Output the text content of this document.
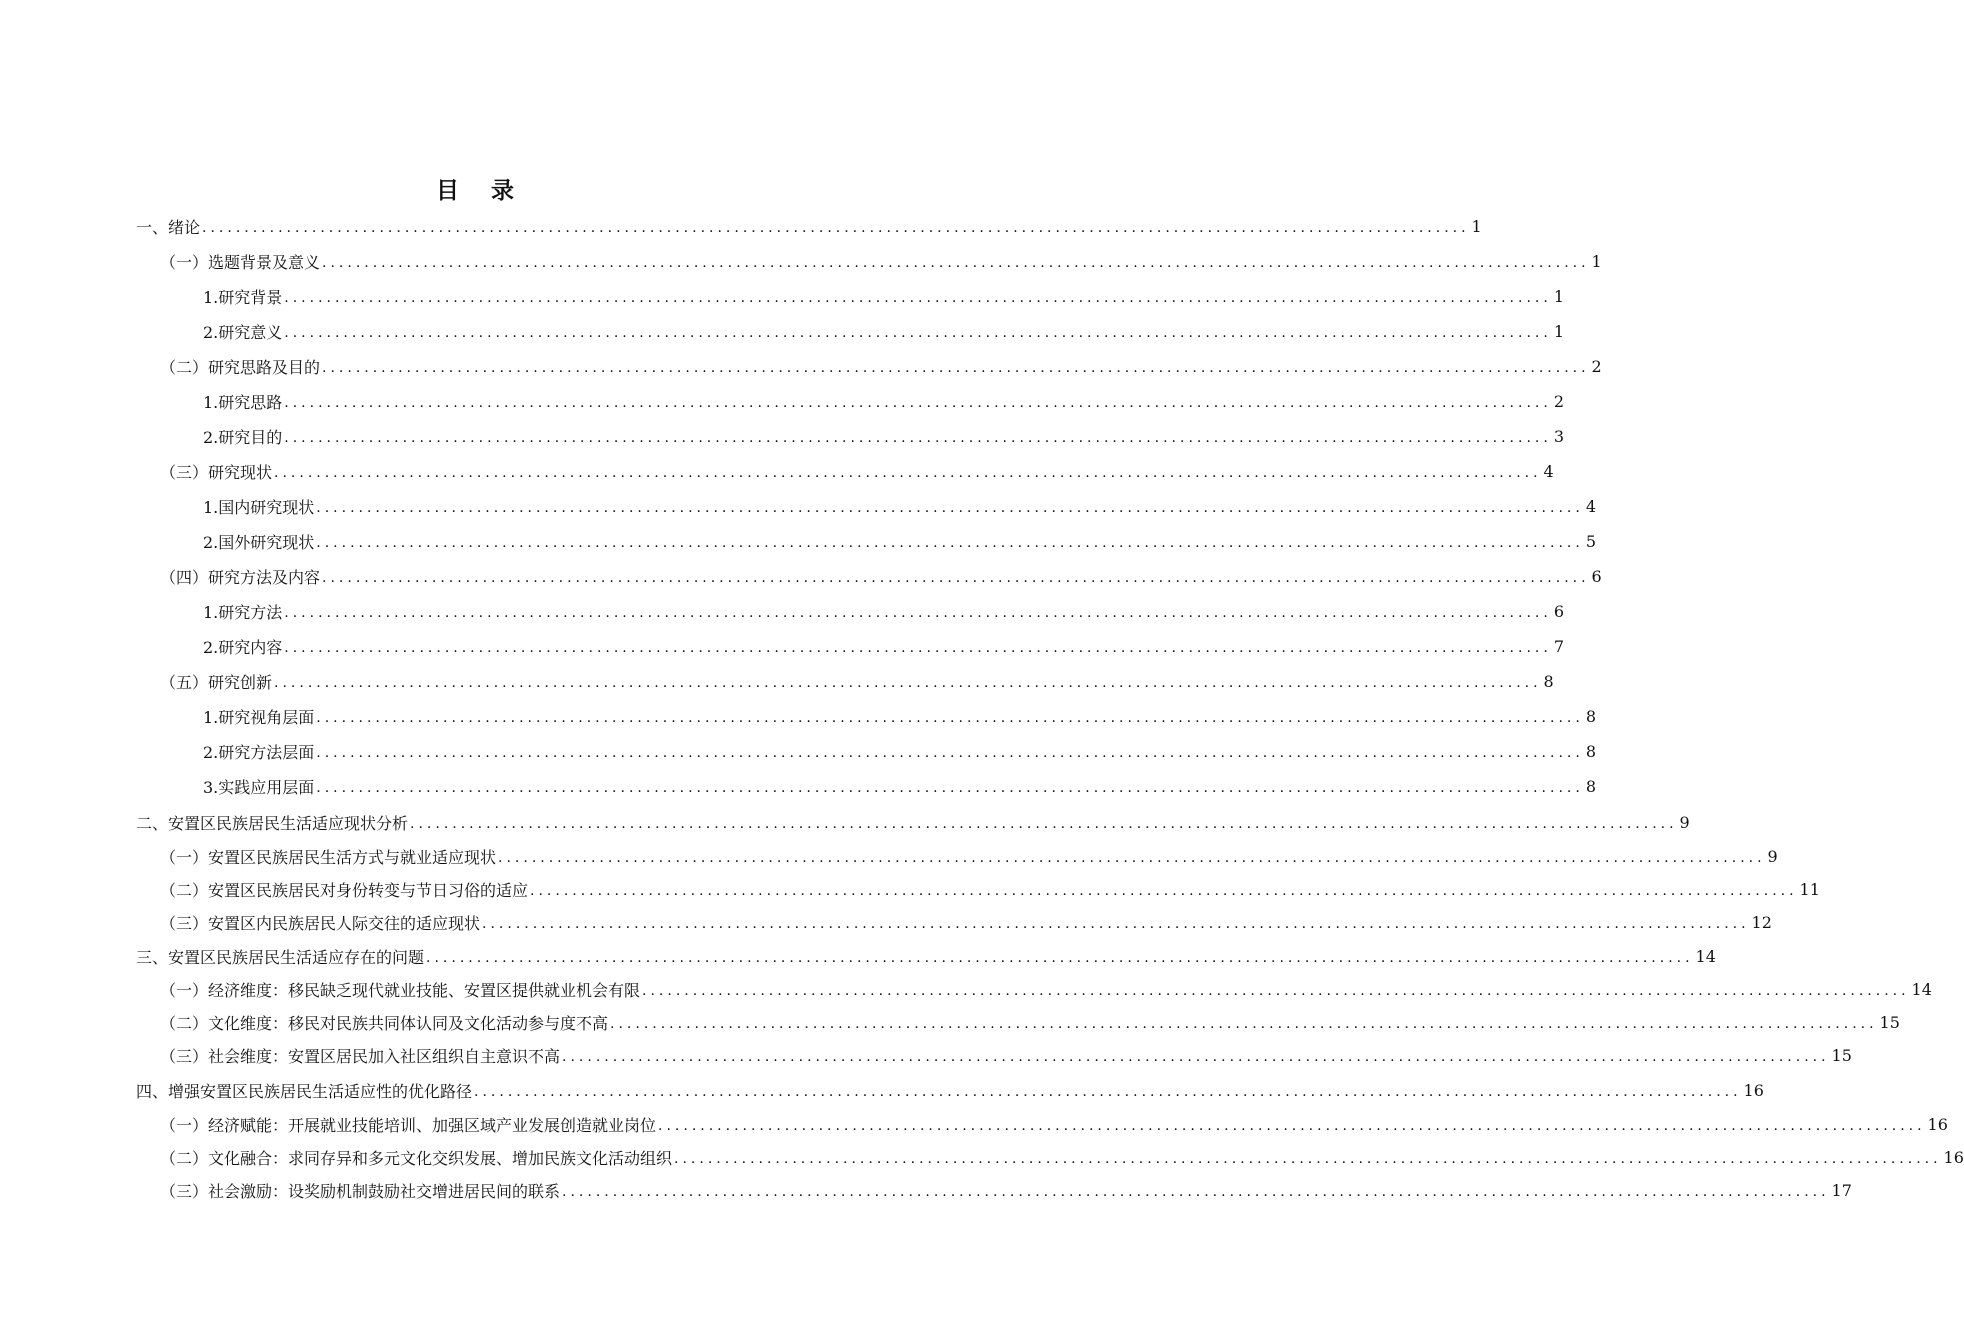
目 录
一、绪论 ...................................................................................................................................................... 1
（一）选题背景及意义 ...................................................................................................................................................... 1
1.研究背景 ...................................................................................................................................................... 1
2.研究意义 ...................................................................................................................................................... 1
（二）研究思路及目的 ...................................................................................................................................................... 2
1.研究思路 ...................................................................................................................................................... 2
2.研究目的 ...................................................................................................................................................... 3
（三）研究现状 ...................................................................................................................................................... 4
1.国内研究现状 ...................................................................................................................................................... 4
2.国外研究现状 ...................................................................................................................................................... 5
（四）研究方法及内容 ...................................................................................................................................................... 6
1.研究方法 ...................................................................................................................................................... 6
2.研究内容 ...................................................................................................................................................... 7
（五）研究创新 ...................................................................................................................................................... 8
1.研究视角层面 ...................................................................................................................................................... 8
2.研究方法层面 ...................................................................................................................................................... 8
3.实践应用层面 ...................................................................................................................................................... 8
二、安置区民族居民生活适应现状分析 ...................................................................................................................................................... 9
（一）安置区民族居民生活方式与就业适应现状 ...................................................................................................................................................... 9
（二）安置区民族居民对身份转变与节日习俗的适应 ...................................................................................................................................................... 11
（三）安置区内民族居民人际交往的适应现状 ...................................................................................................................................................... 12
三、安置区民族居民生活适应存在的问题 ...................................................................................................................................................... 14
（一）经济维度：移民缺乏现代就业技能、安置区提供就业机会有限 ...................................................................................................................................................... 14
（二）文化维度：移民对民族共同体认同及文化活动参与度不高 ...................................................................................................................................................... 15
（三）社会维度：安置区居民加入社区组织自主意识不高 ...................................................................................................................................................... 15
四、增强安置区民族居民生活适应性的优化路径 ...................................................................................................................................................... 16
（一）经济赋能：开展就业技能培训、加强区域产业发展创造就业岗位 ...................................................................................................................................................... 16
（二）文化融合：求同存异和多元文化交织发展、增加民族文化活动组织 ...................................................................................................................................................... 16
（三）社会激励：设奖励机制鼓励社交增进居民间的联系 ...................................................................................................................................................... 17
